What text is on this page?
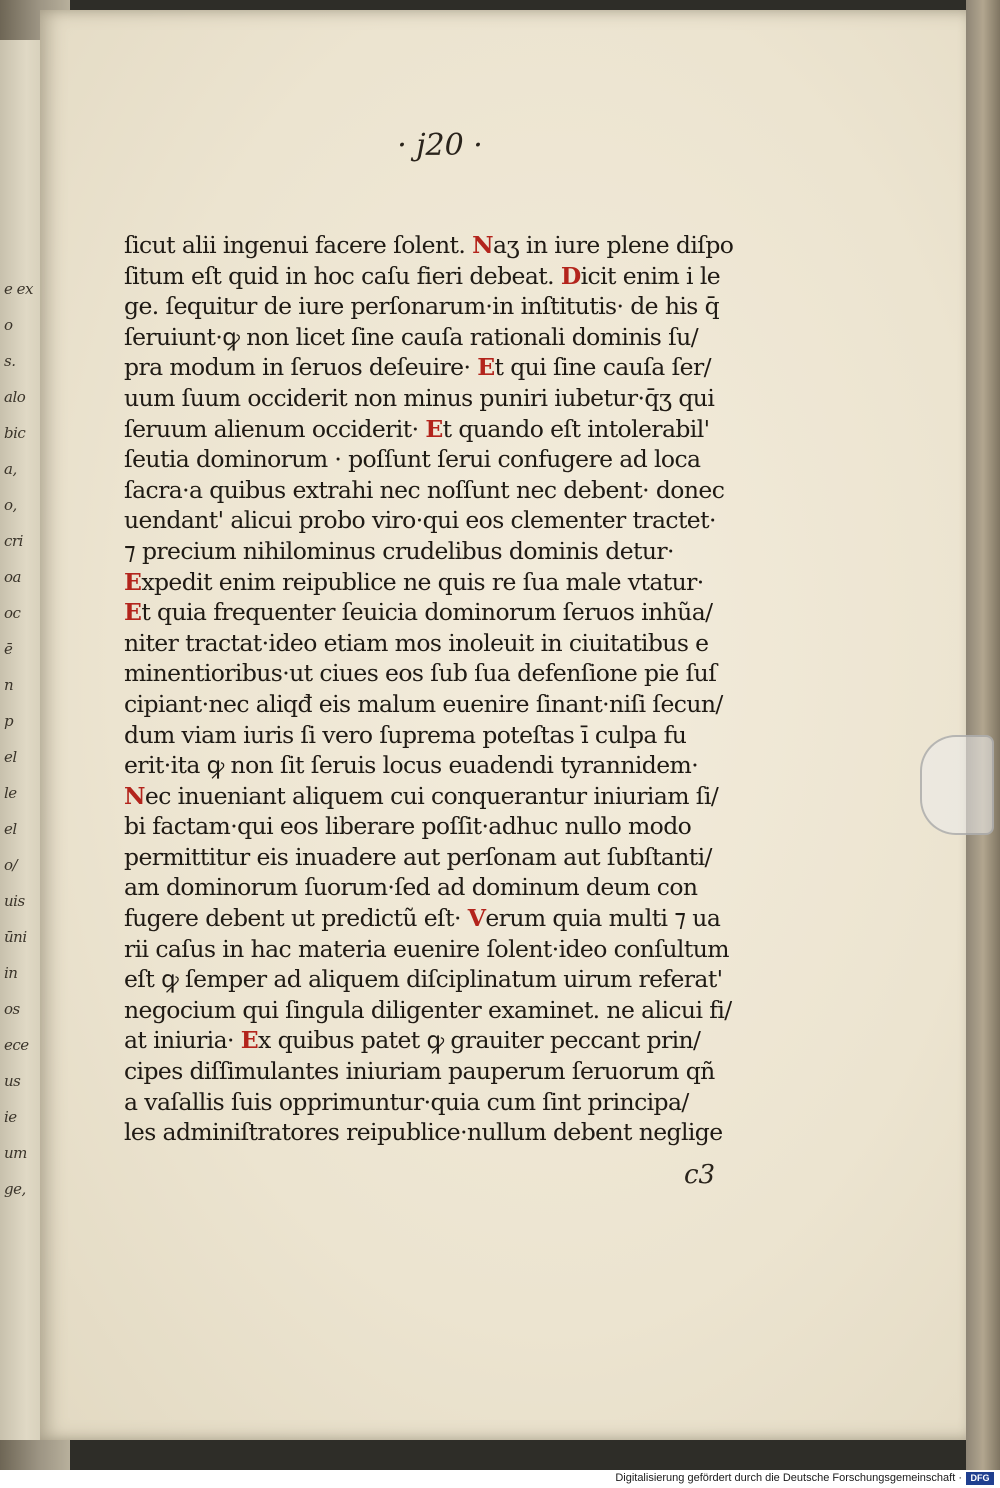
e ex
o
s.
alo
bic
a,
o,
cri
oa
oc
ē
n
p
el
le
el
o/
uis
ūni
in
os
ece
us
ie
um
ge,
· j20 ·
ſicut alii ingenui facere ſolent. Naʒ in iure plene diſpo
ſitum eſt quid in hoc caſu fieri debeat. Dicit enim i le
ge. ſequitur de iure perſonarum·in inſtitutis· de his q̄
ſeruiunt·ꝙ non licet ſine cauſa rationali dominis ſu/
pra modum in ſeruos deſeuire· Et qui ſine cauſa ſer/
uum ſuum occiderit non minus puniri iubetur·q̄ʒ qui
ſeruum alienum occiderit· Et quando eſt intolerabil'
ſeutia dominorum · poſſunt ſerui confugere ad loca
ſacra·a quibus extrahi nec noſſunt nec debent· donec
uendant' alicui probo viro·qui eos clementer tractet·
⁊ precium nihilominus crudelibus dominis detur·
Expedit enim reipublice ne quis re ſua male vtatur·
Et quia frequenter ſeuicia dominorum ſeruos inhũa/
niter tractat·ideo etiam mos inoleuit in ciuitatibus e
minentioribus·ut ciues eos ſub ſua defenſione pie ſuſ
cipiant·nec aliqđ eis malum euenire ſinant·niſi ſecun/
dum viam iuris ſi vero ſuprema poteſtas ī culpa fu
erit·ita ꝙ non ſit ſeruis locus euadendi tyrannidem·
Nec inueniant aliquem cui conquerantur iniuriam ſi/
bi factam·qui eos liberare poſſit·adhuc nullo modo
permittitur eis inuadere aut perſonam aut ſubſtanti/
am dominorum ſuorum·ſed ad dominum deum con
fugere debent ut predictũ eſt· Verum quia multi ⁊ ua
rii caſus in hac materia euenire ſolent·ideo conſultum
eſt ꝙ ſemper ad aliquem diſciplinatum uirum referat'
negocium qui ſingula diligenter examinet. ne alicui fi/
at iniuria· Ex quibus patet ꝙ grauiter peccant prin/
cipes diſſimulantes iniuriam pauperum ſeruorum qñ
a vaſallis ſuis opprimuntur·quia cum ſint principa/
les adminiſtratores reipublice·nullum debent neglige
c3
Digitalisierung gefördert durch die Deutsche Forschungsgemeinschaft · DFG
